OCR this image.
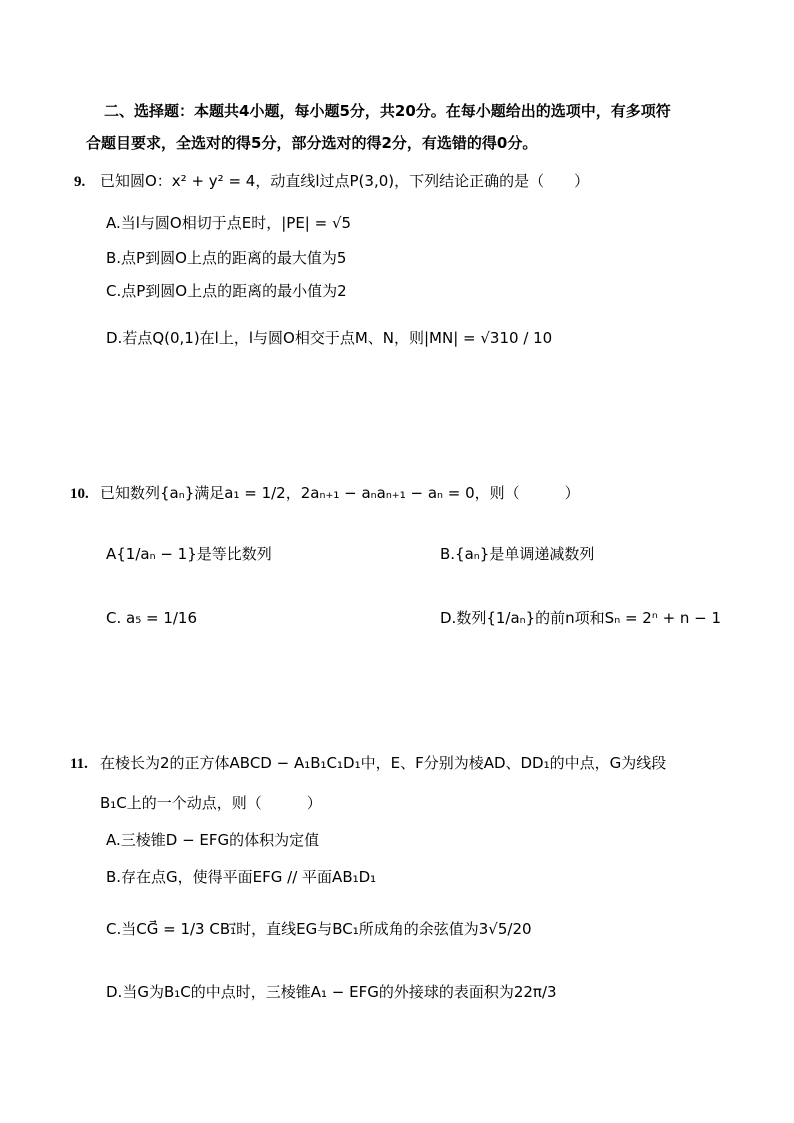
二、选择题：本题共4小题，每小题5分，共20分。在每小题给出的选项中，有多项符
合题目要求，全选对的得5分，部分选对的得2分，有选错的得0分。
9. 已知圆O：x² + y² = 4，动直线l过点P(3,0)，下列结论正确的是（　　）
A.当l与圆O相切于点E时，|PE| = √5
B.点P到圆O上点的距离的最大值为5
C.点P到圆O上点的距离的最小值为2
D.若点Q(0,1)在l上，l与圆O相交于点M、N，则|MN| = √310 / 10
10. 已知数列{aₙ}满足a₁ = 1/2，2aₙ₊₁ − aₙaₙ₊₁ − aₙ = 0，则（　　　）
A{1/aₙ − 1}是等比数列	B.{aₙ}是单调递减数列
C. a₅ = 1/16	D.数列{1/aₙ}的前n项和Sₙ = 2ⁿ + n − 1
11. 在棱长为2的正方体ABCD − A₁B₁C₁D₁中，E、F分别为棱AD、DD₁的中点，G为线段
B₁C上的一个动点，则（　　　）
A.三棱锥D − EFG的体积为定值
B.存在点G，使得平面EFG // 平面AB₁D₁
C.当CG⃗ = 1/3 CB₁⃗时，直线EG与BC₁所成角的余弦值为3√5/20
D.当G为B₁C的中点时，三棱锥A₁ − EFG的外接球的表面积为22π/3
